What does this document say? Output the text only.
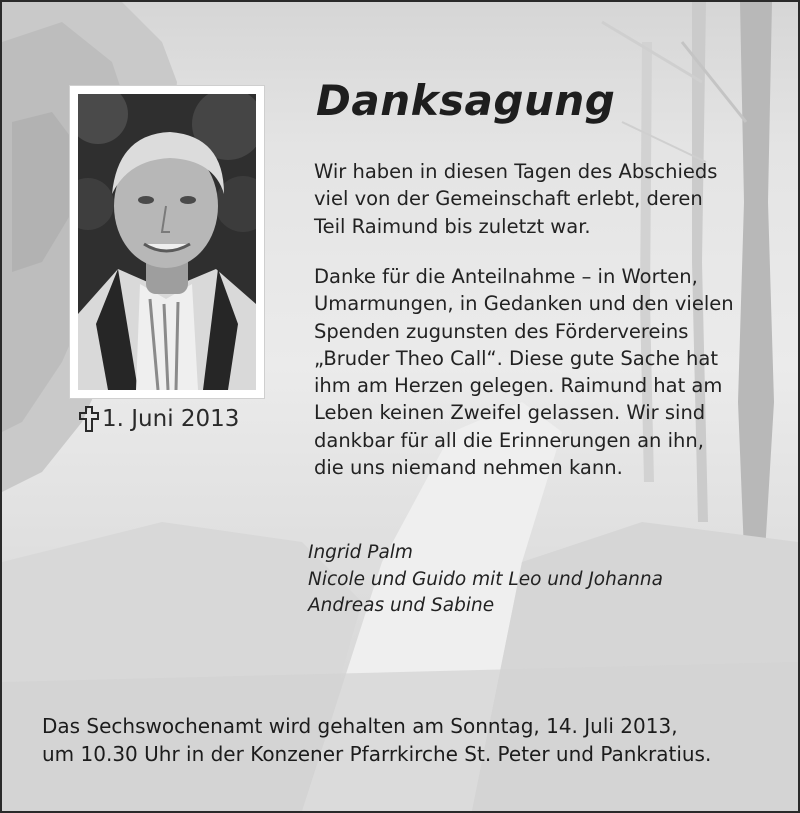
1. Juni 2013
Danksagung
Wir haben in diesen Tagen des Abschieds
viel von der Gemeinschaft erlebt, deren
Teil Raimund bis zuletzt war.
Danke für die Anteilnahme – in Worten,
Umarmungen, in Gedanken und den vielen
Spenden zugunsten des Fördervereins
„Bruder Theo Call“. Diese gute Sache hat
ihm am Herzen gelegen. Raimund hat am
Leben keinen Zweifel gelassen. Wir sind
dankbar für all die Erinnerungen an ihn,
die uns niemand nehmen kann.
Ingrid Palm
Nicole und Guido mit Leo und Johanna
Andreas und Sabine
Das Sechswochenamt wird gehalten am Sonntag, 14. Juli 2013,
um 10.30 Uhr in der Konzener Pfarrkirche St. Peter und Pankratius.
